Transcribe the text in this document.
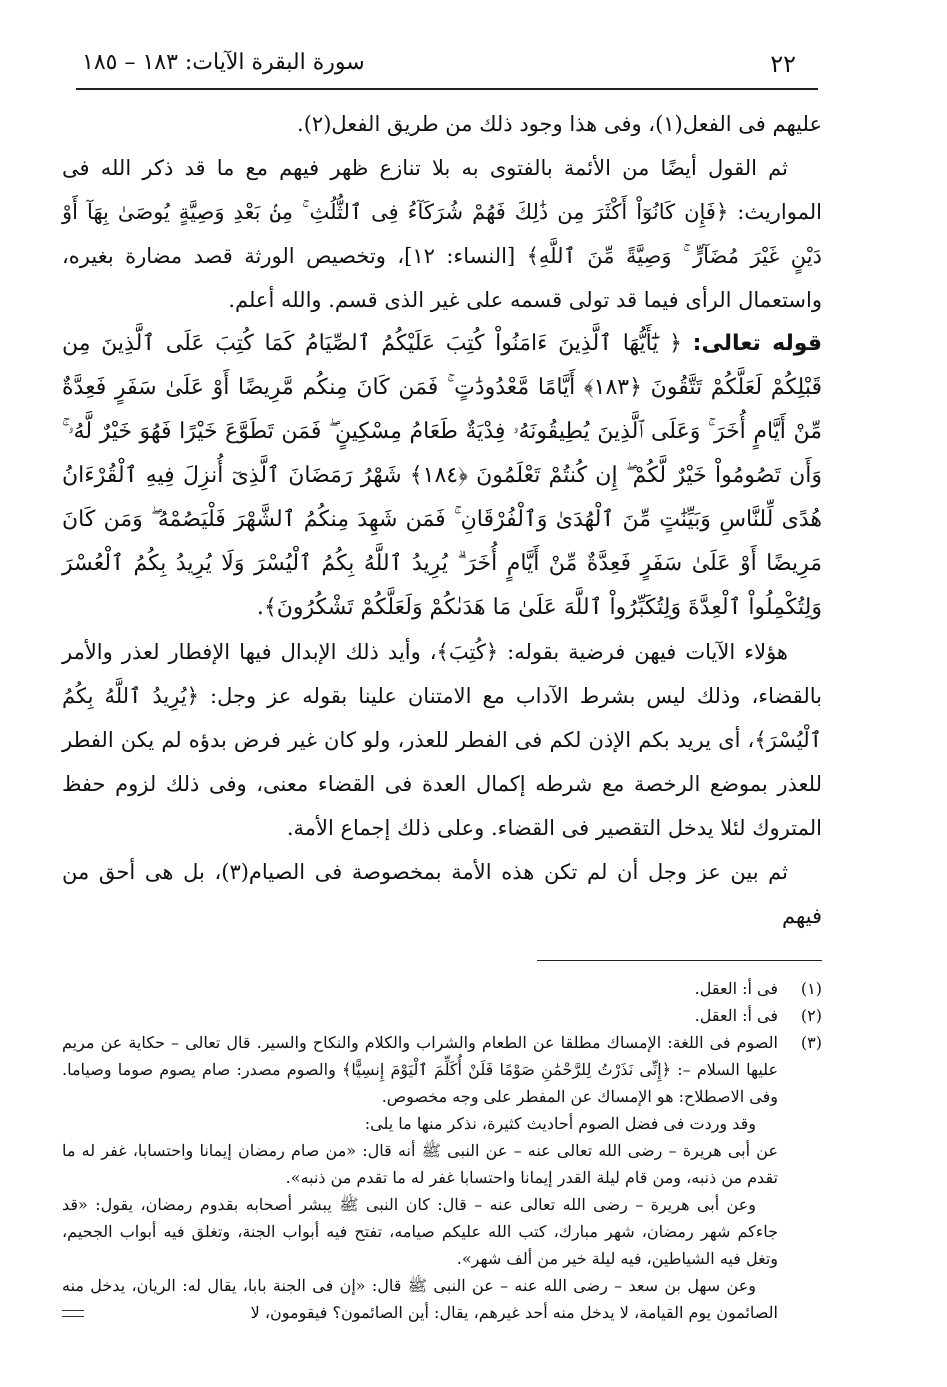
٢٢
سورة البقرة الآيات: ١٨٣ – ١٨٥

عليهم فى الفعل(١)، وفى هذا وجود ذلك من طريق الفعل(٢).

ثم القول أيضًا من الأئمة بالفتوى به بلا تنازع ظهر فيهم مع ما قد ذكر الله فى المواريث: ﴿فَإِن كَانُوٓاْ أَكْثَرَ مِن ذَٰلِكَ فَهُمْ شُرَكَآءُ فِى ٱلثُّلُثِ ۚ مِنۢ بَعْدِ وَصِيَّةٍ يُوصَىٰ بِهَآ أَوْ دَيْنٍ غَيْرَ مُضَآرٍّ ۚ وَصِيَّةً مِّنَ ٱللَّهِ﴾ [النساء: ١٢]، وتخصيص الورثة قصد مضارة بغيره، واستعمال الرأى فيما قد تولى قسمه على غير الذى قسم. والله أعلم.

قوله تعالى: ﴿ يَٰٓأَيُّهَا ٱلَّذِينَ ءَامَنُواْ كُتِبَ عَلَيْكُمُ ٱلصِّيَامُ كَمَا كُتِبَ عَلَى ٱلَّذِينَ مِن قَبْلِكُمْ لَعَلَّكُمْ تَتَّقُونَ ﴿١٨٣﴾ أَيَّامًا مَّعْدُودَٰتٍ ۚ فَمَن كَانَ مِنكُم مَّرِيضًا أَوْ عَلَىٰ سَفَرٍ فَعِدَّةٌ مِّنْ أَيَّامٍ أُخَرَ ۚ وَعَلَى ٱلَّذِينَ يُطِيقُونَهُۥ فِدْيَةٌ طَعَامُ مِسْكِينٍ ۖ فَمَن تَطَوَّعَ خَيْرًا فَهُوَ خَيْرٌ لَّهُۥ ۚ وَأَن تَصُومُواْ خَيْرٌ لَّكُمْ ۖ إِن كُنتُمْ تَعْلَمُونَ ﴿١٨٤﴾ شَهْرُ رَمَضَانَ ٱلَّذِىٓ أُنزِلَ فِيهِ ٱلْقُرْءَانُ هُدًى لِّلنَّاسِ وَبَيِّنَٰتٍ مِّنَ ٱلْهُدَىٰ وَٱلْفُرْقَانِ ۚ فَمَن شَهِدَ مِنكُمُ ٱلشَّهْرَ فَلْيَصُمْهُ ۖ وَمَن كَانَ مَرِيضًا أَوْ عَلَىٰ سَفَرٍ فَعِدَّةٌ مِّنْ أَيَّامٍ أُخَرَ ۗ يُرِيدُ ٱللَّهُ بِكُمُ ٱلْيُسْرَ وَلَا يُرِيدُ بِكُمُ ٱلْعُسْرَ وَلِتُكْمِلُواْ ٱلْعِدَّةَ وَلِتُكَبِّرُواْ ٱللَّهَ عَلَىٰ مَا هَدَىٰكُمْ وَلَعَلَّكُمْ تَشْكُرُونَ﴾.

هؤلاء الآيات فيهن فرضية بقوله: ﴿كُتِبَ﴾، وأيد ذلك الإبدال فيها الإفطار لعذر والأمر بالقضاء، وذلك ليس بشرط الآداب مع الامتنان علينا بقوله عز وجل: ﴿يُرِيدُ ٱللَّهُ بِكُمُ ٱلْيُسْرَ﴾، أى يريد بكم الإذن لكم فى الفطر للعذر، ولو كان غير فرض بدؤه لم يكن الفطر للعذر بموضع الرخصة مع شرطه إكمال العدة فى القضاء معنى، وفى ذلك لزوم حفظ المتروك لئلا يدخل التقصير فى القضاء. وعلى ذلك إجماع الأمة.

ثم بين عز وجل أن لم تكن هذه الأمة بمخصوصة فى الصيام(٣)، بل هى أحق من فيهم

(١)
فى أ: العقل.
(٢)
فى أ: العقل.
(٣)
الصوم فى اللغة: الإمساك مطلقا عن الطعام والشراب والكلام والنكاح والسير. قال تعالى – حكاية عن مريم عليها السلام –: ﴿إِنِّى نَذَرْتُ لِلرَّحْمَٰنِ صَوْمًا فَلَنْ أُكَلِّمَ ٱلْيَوْمَ إِنسِيًّا﴾ والصوم مصدر: صام يصوم صوما وصياما. وفى الاصطلاح: هو الإمساك عن المفطر على وجه مخصوص.

وقد وردت فى فضل الصوم أحاديث كثيرة، نذكر منها ما يلى:

عن أبى هريرة – رضى الله تعالى عنه – عن النبى ﷺ أنه قال: «من صام رمضان إيمانا واحتسابا، غفر له ما تقدم من ذنبه، ومن قام ليلة القدر إيمانا واحتسابا غفر له ما تقدم من ذنبه».

وعن أبى هريرة – رضى الله تعالى عنه – قال: كان النبى ﷺ يبشر أصحابه بقدوم رمضان، يقول: «قد جاءكم شهر رمضان، شهر مبارك، كتب الله عليكم صيامه، تفتح فيه أبواب الجنة، وتغلق فيه أبواب الجحيم، وتغل فيه الشياطين، فيه ليلة خير من ألف شهر».

وعن سهل بن سعد – رضى الله عنه – عن النبى ﷺ قال: «إن فى الجنة بابا، يقال له: الريان، يدخل منه الصائمون يوم القيامة، لا يدخل منه أحد غيرهم، يقال: أين الصائمون؟ فيقومون، لا
